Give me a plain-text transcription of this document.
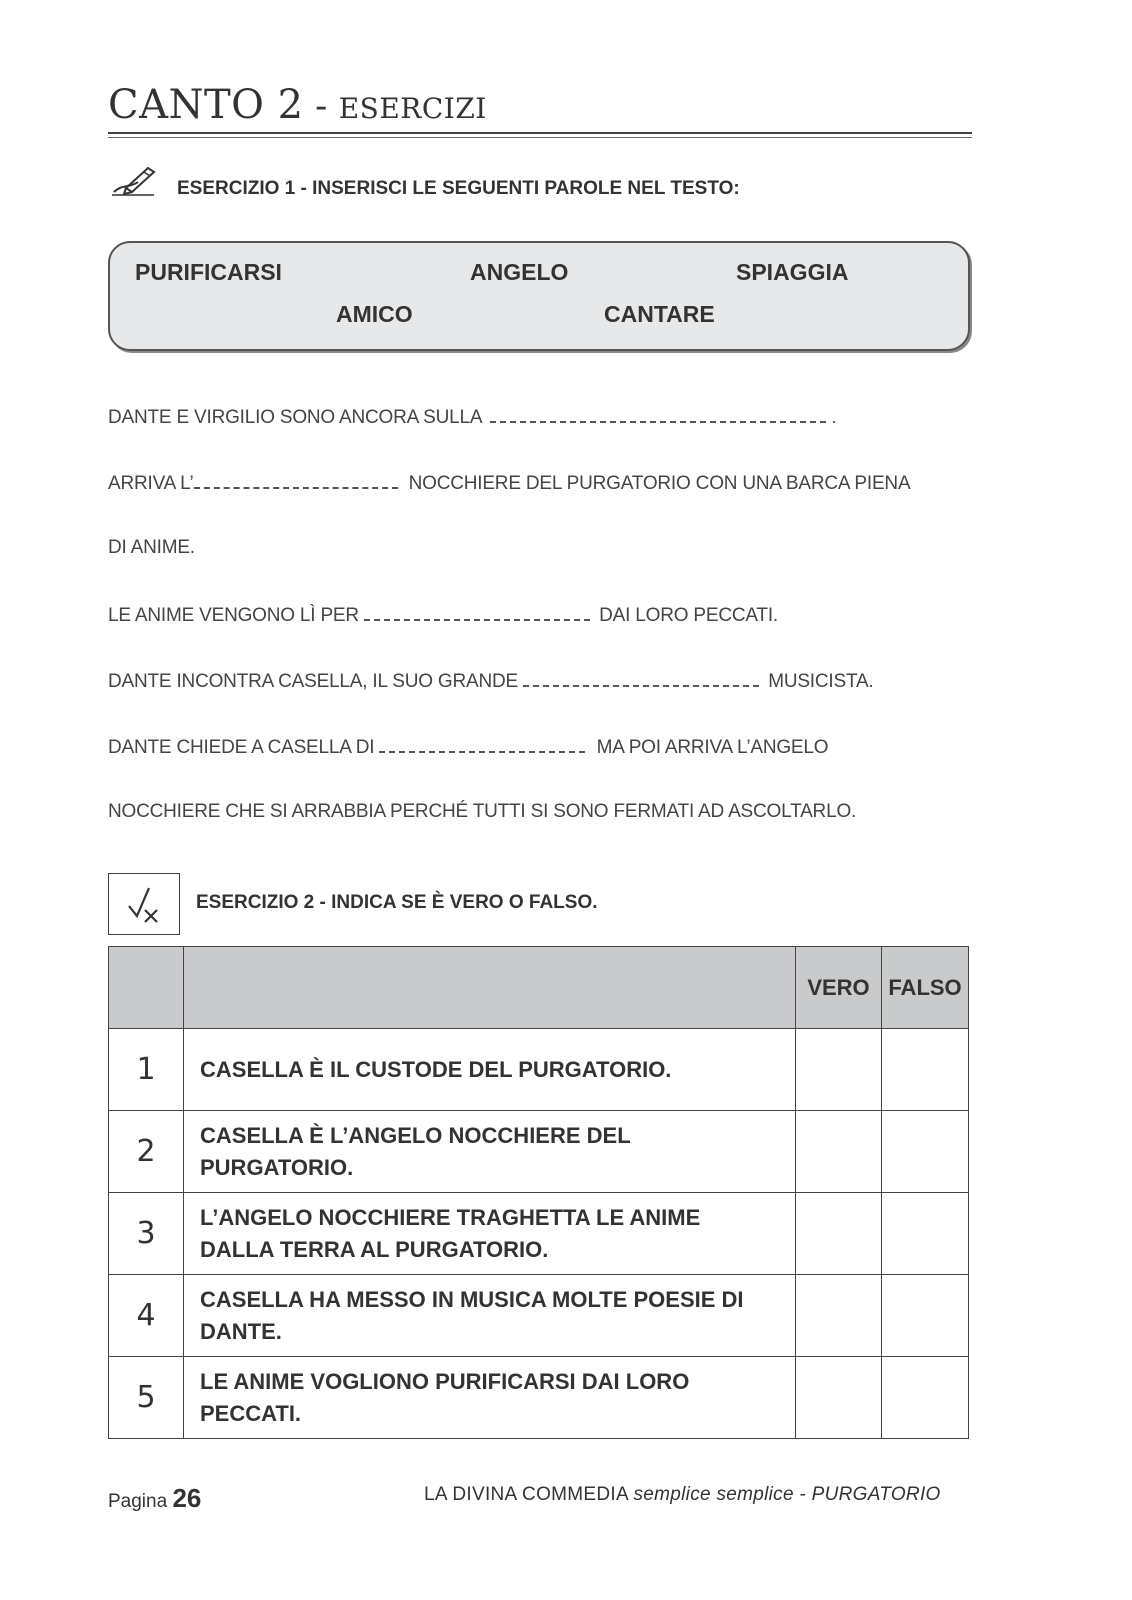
CANTO 2 - ESERCIZI
ESERCIZIO 1 - INSERISCI LE SEGUENTI PAROLE NEL TESTO:
PURIFICARSI	ANGELO	SPIAGGIA
AMICO	CANTARE
DANTE E VIRGILIO SONO ANCORA SULLA	.
ARRIVA L’	NOCCHIERE DEL PURGATORIO CON UNA BARCA PIENA
DI ANIME.
LE ANIME VENGONO LÌ PER	DAI LORO PECCATI.
DANTE INCONTRA CASELLA, IL SUO GRANDE	MUSICISTA.
DANTE CHIEDE A CASELLA DI	MA POI ARRIVA L’ANGELO
NOCCHIERE CHE SI ARRABBIA PERCHÉ TUTTI SI SONO FERMATI AD ASCOLTARLO.
ESERCIZIO 2 - INDICA SE È VERO O FALSO.
		VERO	FALSO
1	CASELLA È IL CUSTODE DEL PURGATORIO.		
2	CASELLA È L’ANGELO NOCCHIERE DEL PURGATORIO.		
3	L’ANGELO NOCCHIERE TRAGHETTA LE ANIME DALLA TERRA AL PURGATORIO.		
4	CASELLA HA MESSO IN MUSICA MOLTE POESIE DI DANTE.		
5	LE ANIME VOGLIONO PURIFICARSI DAI LORO PECCATI.		
Pagina 26	LA DIVINA COMMEDIA semplice semplice - PURGATORIO
